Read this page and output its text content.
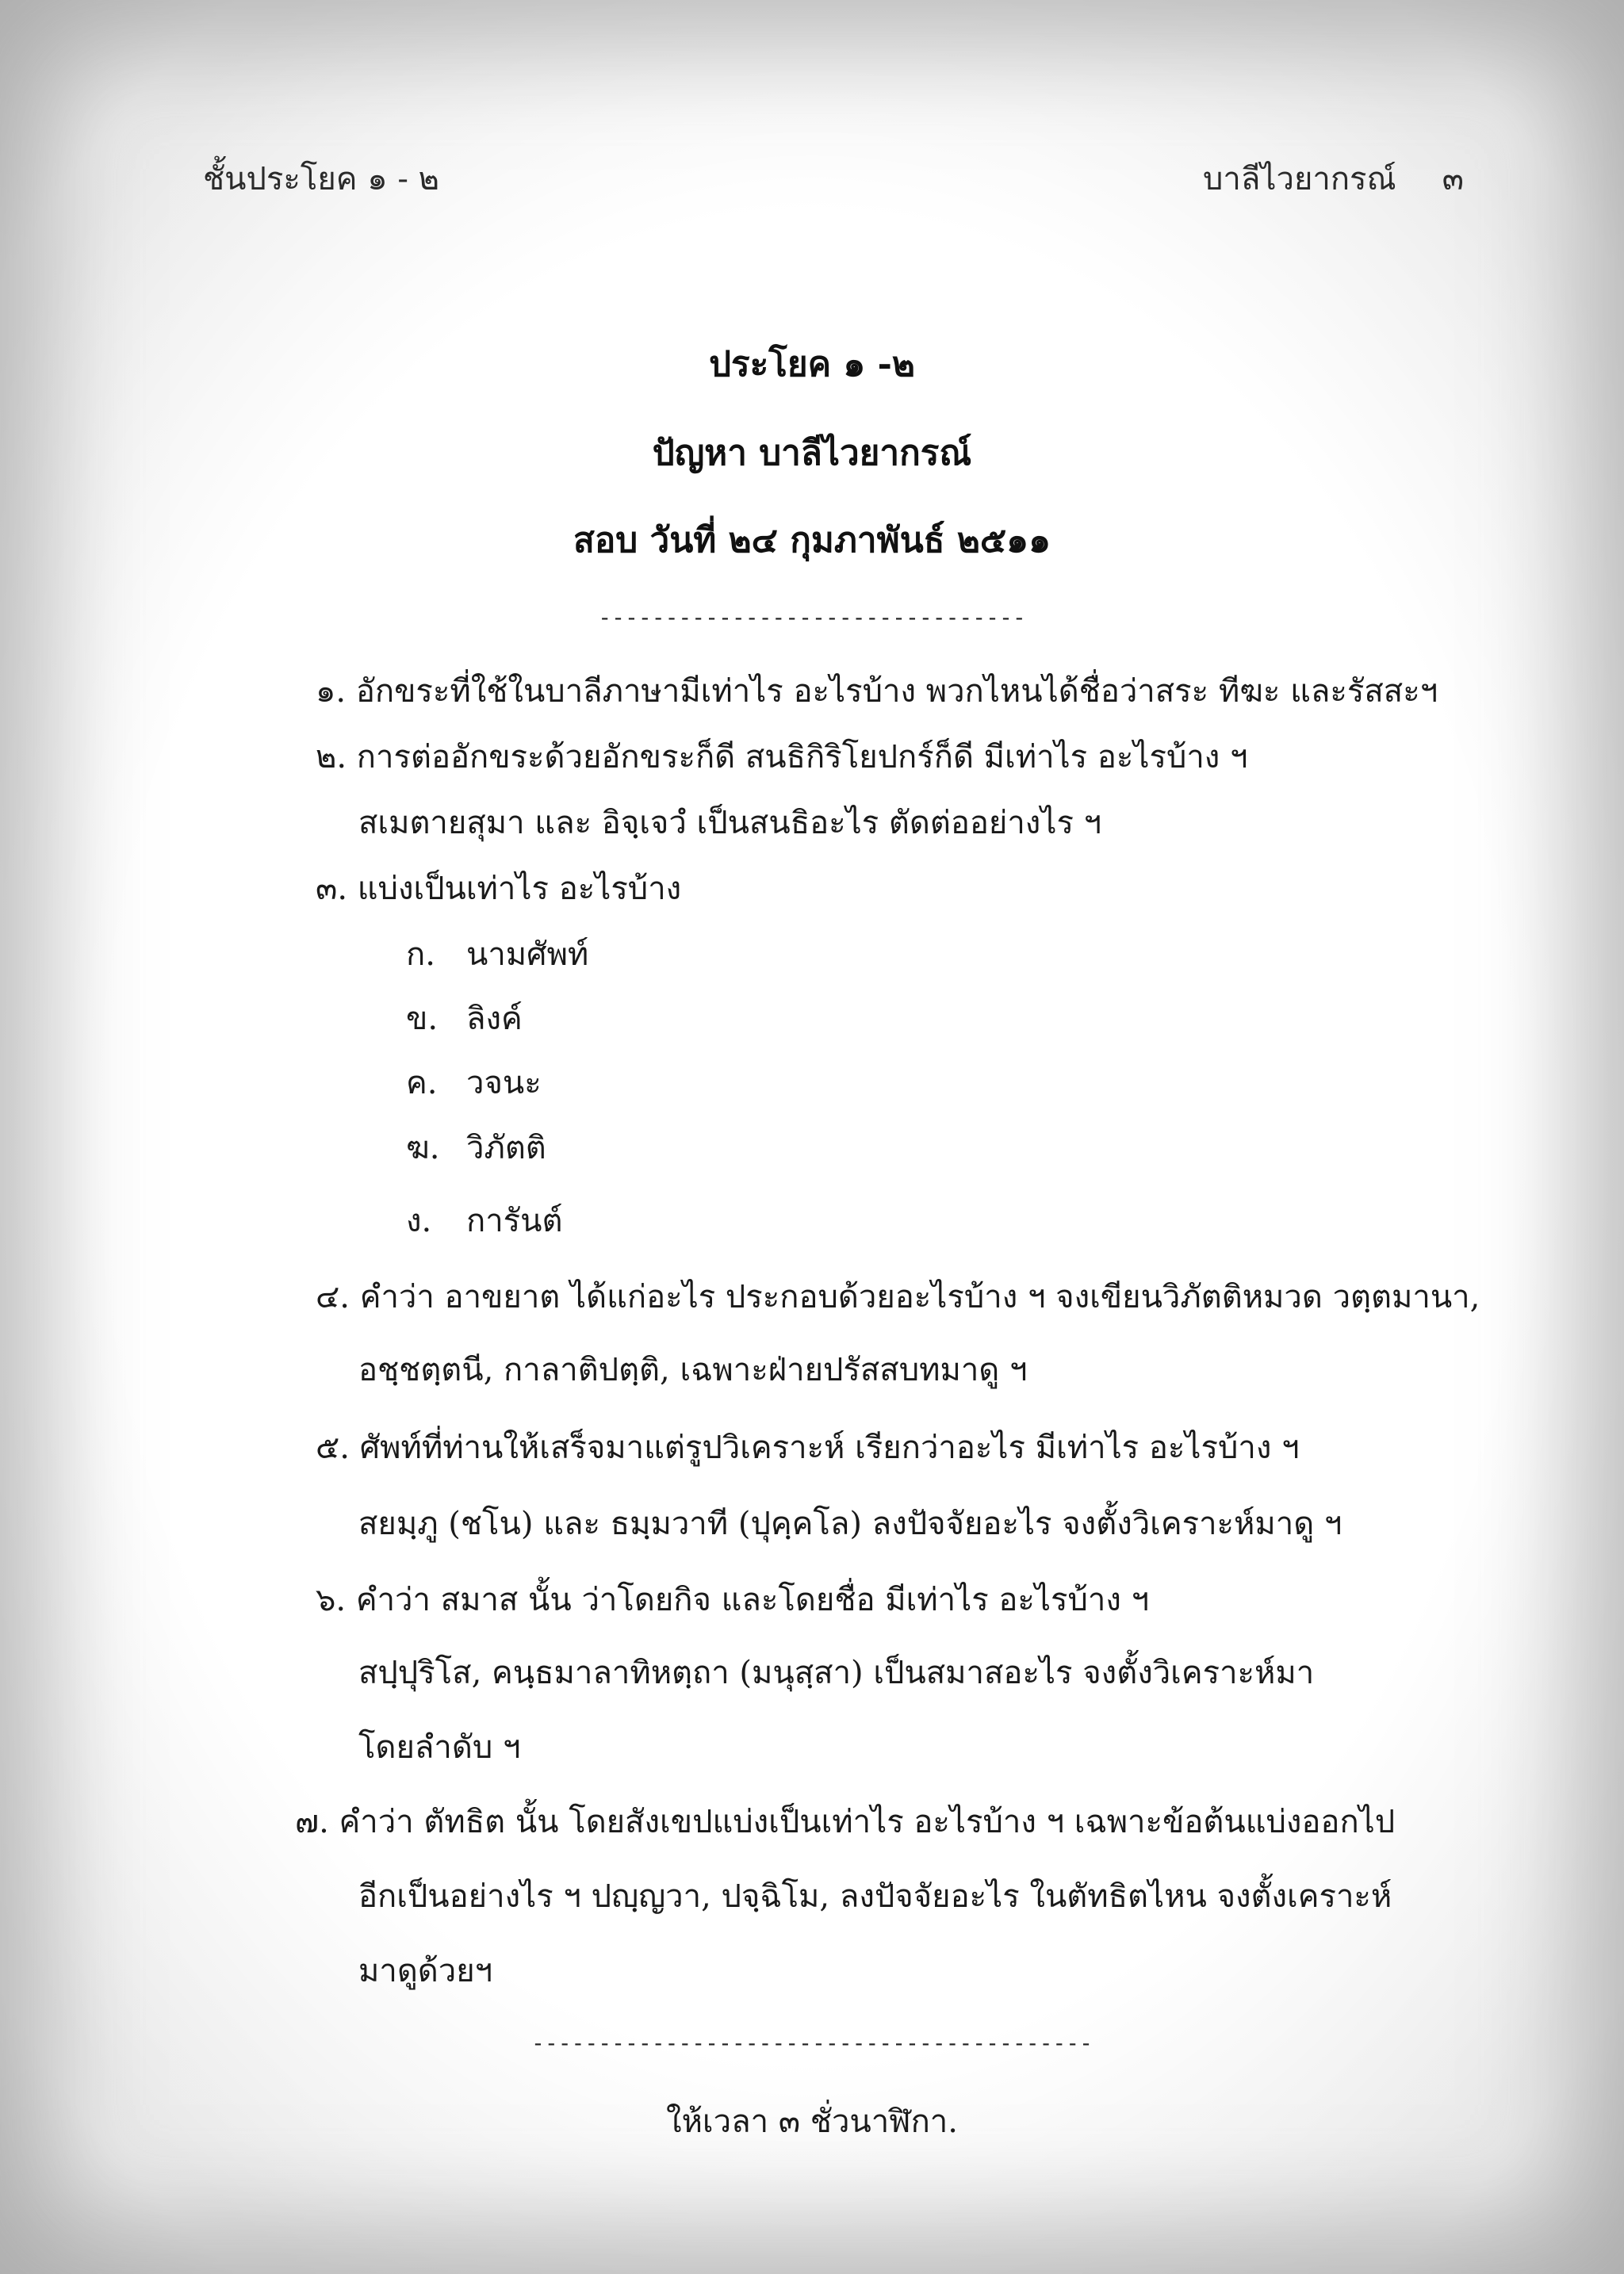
ชั้นประโยค ๑ - ๒	บาลีไวยากรณ์ ๓
ประโยค ๑ -๒
ปัญหา บาลีไวยากรณ์
สอบ วันที่ ๒๔ กุมภาพันธ์ ๒๕๑๑
--------------------------------
๑. อักขระที่ใช้ในบาลีภาษามีเท่าไร อะไรบ้าง พวกไหนได้ชื่อว่าสระ ทีฆะ และรัสสะฯ
๒. การต่ออักขระด้วยอักขระก็ดี สนธิกิริโยปกร์ก็ดี มีเท่าไร อะไรบ้าง ฯ
สเมตายสุมา และ อิจฺเจวํ เป็นสนธิอะไร ตัดต่ออย่างไร ฯ
๓. แบ่งเป็นเท่าไร อะไรบ้าง
ก. นามศัพท์
ข. ลิงค์
ค. วจนะ
ฆ. วิภัตติ
ง. การันต์
๔. คำว่า อาขยาต ได้แก่อะไร ประกอบด้วยอะไรบ้าง ฯ จงเขียนวิภัตติหมวด วตฺตมานา,
อชฺชตฺตนี, กาลาติปตฺติ, เฉพาะฝ่ายปรัสสบทมาดู ฯ
๕. ศัพท์ที่ท่านให้เสร็จมาแต่รูปวิเคราะห์ เรียกว่าอะไร มีเท่าไร อะไรบ้าง ฯ
สยมฺภู (ชโน) และ ธมฺมวาที (ปุคฺคโล) ลงปัจจัยอะไร จงตั้งวิเคราะห์มาดู ฯ
๖. คำว่า สมาส นั้น ว่าโดยกิจ และโดยชื่อ มีเท่าไร อะไรบ้าง ฯ
สปฺปุริโส, คนฺธมาลาทิหตฺถา (มนุสฺสา) เป็นสมาสอะไร จงตั้งวิเคราะห์มา
โดยลำดับ ฯ
๗. คำว่า ตัทธิต นั้น โดยสังเขปแบ่งเป็นเท่าไร อะไรบ้าง ฯ เฉพาะข้อต้นแบ่งออกไป
อีกเป็นอย่างไร ฯ ปญฺญวา, ปจฺฉิโม, ลงปัจจัยอะไร ในตัทธิตไหน จงตั้งเคราะห์
มาดูด้วยฯ
------------------------------------------
ให้เวลา ๓ ชั่วนาฬิกา.
